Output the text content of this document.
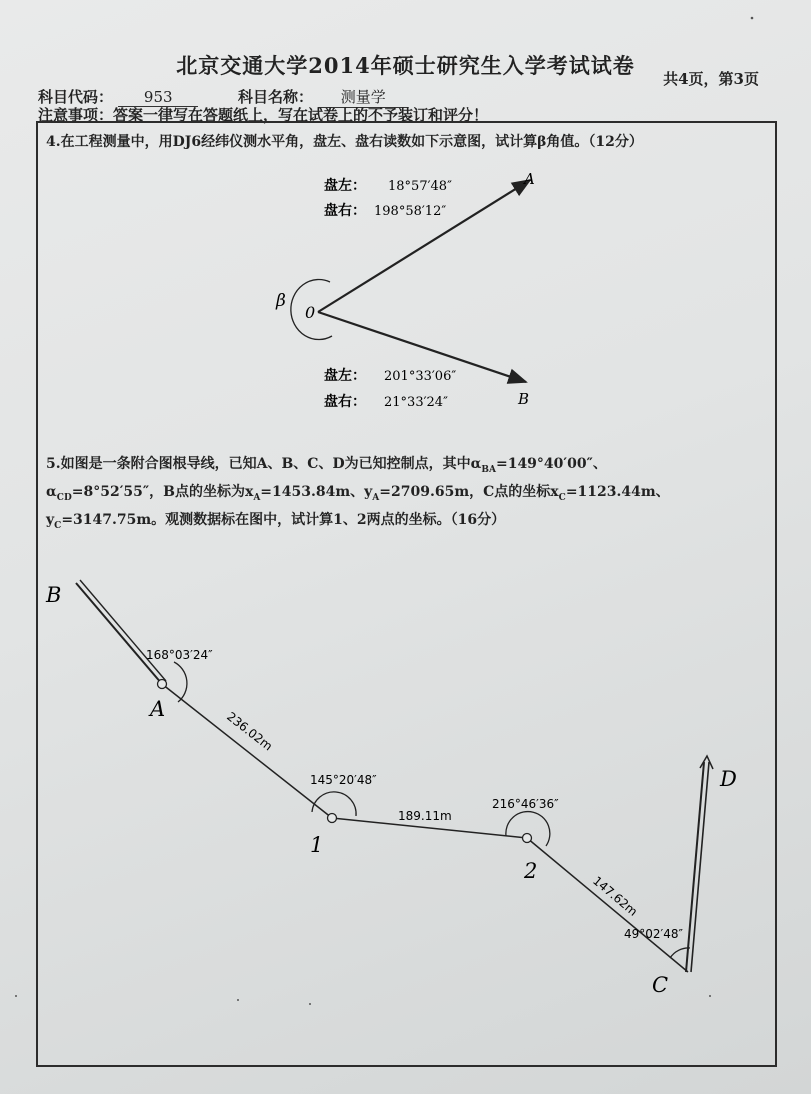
北京交通大学2014年硕士研究生入学考试试卷
共4页，第3页
科目代码： 953	科目名称： 测量学
注意事项：答案一律写在答题纸上，写在试卷上的不予装订和评分！
4.在工程测量中，用DJ6经纬仪测水平角，盘左、盘右读数如下示意图，试计算β角值。（12分）
0
β
A
B
盘左： 18°57′48″
盘右： 198°58′12″
盘左： 201°33′06″
盘右： 21°33′24″
B
A
1
2
C
D
168°03′24″
145°20′48″
216°46′36″
49°02′48″
236.02m
189.11m
147.62m
5.如图是一条附合图根导线，已知A、B、C、D为已知控制点，其中$\alpha_{BA}=149^\circ 40'00''$、
$\alpha_{CD}=8^\circ 52'55''$，B点的坐标为$x_A=1453.84m$、$y_A=2709.65m$，C点的坐标$x_C=1123.44m$、
$y_C=3147.75m$。观测数据标在图中，试计算1、2两点的坐标。（16分）
